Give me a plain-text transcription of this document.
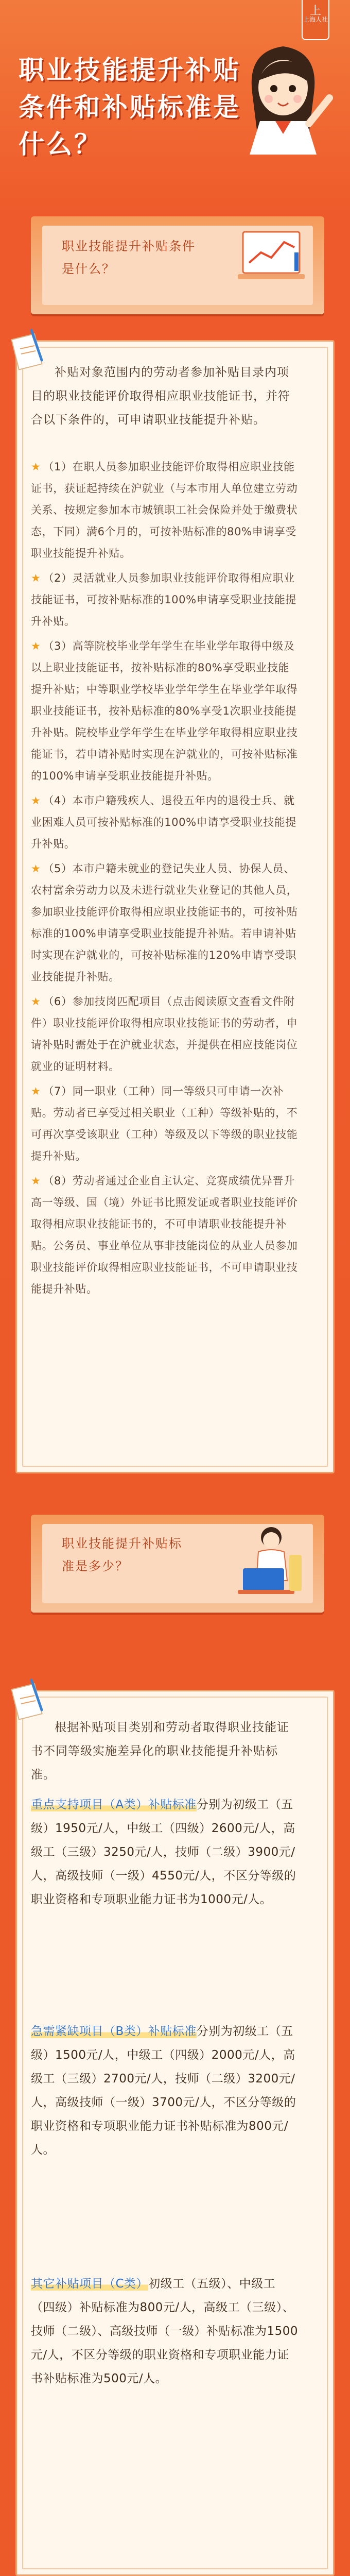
上
上海人社
职业技能提升补贴条件和补贴标准是什么？
职业技能提升补贴条件是什么？
补贴对象范围内的劳动者参加补贴目录内项目的职业技能评价取得相应职业技能证书，并符合以下条件的，可申请职业技能提升补贴。
★ （1）在职人员参加职业技能评价取得相应职业技能证书，获证起持续在沪就业（与本市用人单位建立劳动关系、按规定参加本市城镇职工社会保险并处于缴费状态，下同）满6个月的，可按补贴标准的80%申请享受职业技能提升补贴。
★ （2）灵活就业人员参加职业技能评价取得相应职业技能证书，可按补贴标准的100%申请享受职业技能提升补贴。
★ （3）高等院校毕业学年学生在毕业学年取得中级及以上职业技能证书，按补贴标准的80%享受职业技能提升补贴；中等职业学校毕业学年学生在毕业学年取得职业技能证书，按补贴标准的80%享受1次职业技能提升补贴。院校毕业学年学生在毕业学年取得相应职业技能证书，若申请补贴时实现在沪就业的，可按补贴标准的100%申请享受职业技能提升补贴。
★ （4）本市户籍残疾人、退役五年内的退役士兵、就业困难人员可按补贴标准的100%申请享受职业技能提升补贴。
★ （5）本市户籍未就业的登记失业人员、协保人员、农村富余劳动力以及未进行就业失业登记的其他人员，参加职业技能评价取得相应职业技能证书的，可按补贴标准的100%申请享受职业技能提升补贴。若申请补贴时实现在沪就业的，可按补贴标准的120%申请享受职业技能提升补贴。
★ （6）参加技岗匹配项目（点击阅读原文查看文件附件）职业技能评价取得相应职业技能证书的劳动者，申请补贴时需处于在沪就业状态，并提供在相应技能岗位就业的证明材料。
★ （7）同一职业（工种）同一等级只可申请一次补贴。劳动者已享受过相关职业（工种）等级补贴的，不可再次享受该职业（工种）等级及以下等级的职业技能提升补贴。
★ （8）劳动者通过企业自主认定、竞赛成绩优异晋升高一等级、国（境）外证书比照发证或者职业技能评价取得相应职业技能证书的，不可申请职业技能提升补贴。公务员、事业单位从事非技能岗位的从业人员参加职业技能评价取得相应职业技能证书，不可申请职业技能提升补贴。
职业技能提升补贴标准是多少？
根据补贴项目类别和劳动者取得职业技能证书不同等级实施差异化的职业技能提升补贴标准。
重点支持项目（A类）补贴标准分别为初级工（五级）1950元/人，中级工（四级）2600元/人，高级工（三级）3250元/人，技师（二级）3900元/人，高级技师（一级）4550元/人，不区分等级的职业资格和专项职业能力证书为1000元/人。
急需紧缺项目（B类）补贴标准分别为初级工（五级）1500元/人，中级工（四级）2000元/人，高级工（三级）2700元/人，技师（二级）3200元/人，高级技师（一级）3700元/人，不区分等级的职业资格和专项职业能力证书补贴标准为800元/人。
其它补贴项目（C类）初级工（五级）、中级工（四级）补贴标准为800元/人，高级工（三级）、技师（二级）、高级技师（一级）补贴标准为1500元/人，不区分等级的职业资格和专项职业能力证书补贴标准为500元/人。
